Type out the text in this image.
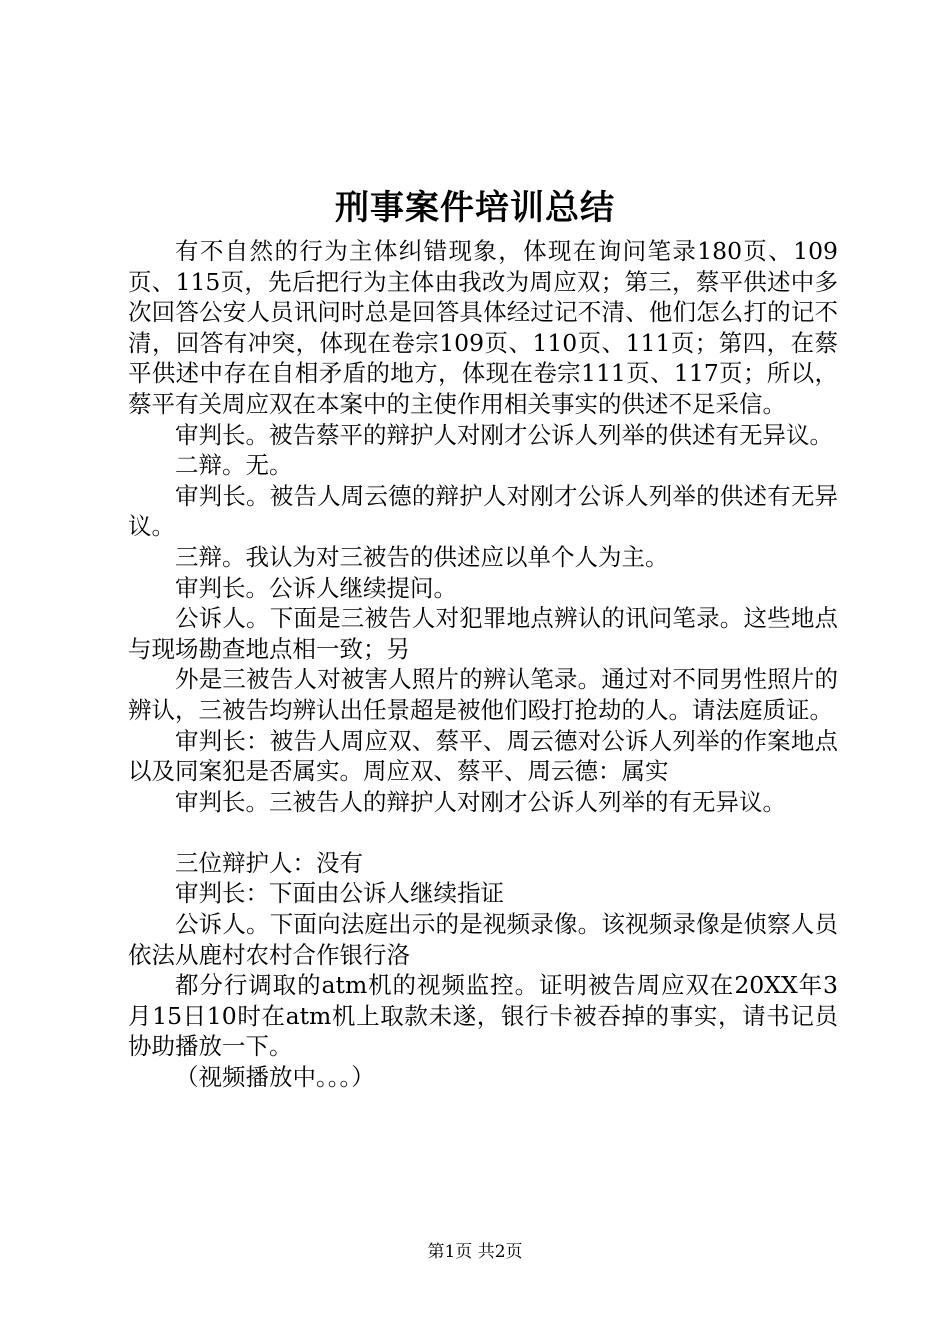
刑事案件培训总结

有不自然的行为主体纠错现象，体现在询问笔录180页、109页、115页，先后把行为主体由我改为周应双；第三，蔡平供述中多次回答公安人员讯问时总是回答具体经过记不清、他们怎么打的记不清，回答有冲突，体现在卷宗109页、110页、111页；第四，在蔡平供述中存在自相矛盾的地方，体现在卷宗111页、117页；所以，蔡平有关周应双在本案中的主使作用相关事实的供述不足采信。

审判长。被告蔡平的辩护人对刚才公诉人列举的供述有无异议。

二辩。无。

审判长。被告人周云德的辩护人对刚才公诉人列举的供述有无异议。

三辩。我认为对三被告的供述应以单个人为主。

审判长。公诉人继续提问。

公诉人。下面是三被告人对犯罪地点辨认的讯问笔录。这些地点与现场勘查地点相一致；另

外是三被告人对被害人照片的辨认笔录。通过对不同男性照片的辨认，三被告均辨认出任景超是被他们殴打抢劫的人。请法庭质证。

审判长：被告人周应双、蔡平、周云德对公诉人列举的作案地点以及同案犯是否属实。周应双、蔡平、周云德：属实

审判长。三被告人的辩护人对刚才公诉人列举的有无异议。

三位辩护人：没有

审判长：下面由公诉人继续指证

公诉人。下面向法庭出示的是视频录像。该视频录像是侦察人员依法从鹿村农村合作银行洛

都分行调取的atm机的视频监控。证明被告周应双在20XX年3月15日10时在atm机上取款未遂，银行卡被吞掉的事实，请书记员协助播放一下。

（视频播放中。。。）

第1页 共2页
